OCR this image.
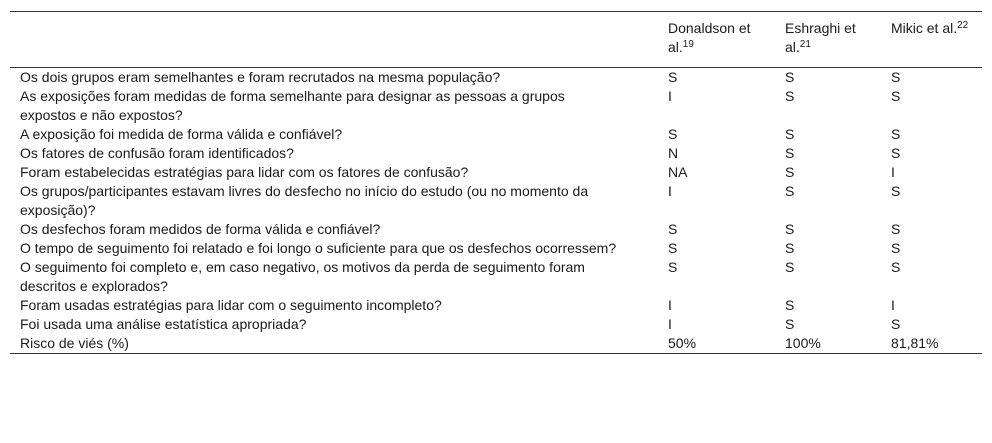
	Donaldson et al.$^{19}$	Eshraghi et al.$^{21}$	Mikic et al.$^{22}$
Os dois grupos eram semelhantes e foram recrutados na mesma população?	S	S	S
As exposições foram medidas de forma semelhante para designar as pessoas a grupos expostos e não expostos?	I	S	S
A exposição foi medida de forma válida e confiável?	S	S	S
Os fatores de confusão foram identificados?	N	S	S
Foram estabelecidas estratégias para lidar com os fatores de confusão?	NA	S	I
Os grupos/participantes estavam livres do desfecho no início do estudo (ou no momento da exposição)?	I	S	S
Os desfechos foram medidos de forma válida e confiável?	S	S	S
O tempo de seguimento foi relatado e foi longo o suficiente para que os desfechos ocorressem?	S	S	S
O seguimento foi completo e, em caso negativo, os motivos da perda de seguimento foram descritos e explorados?	S	S	S
Foram usadas estratégias para lidar com o seguimento incompleto?	I	S	I
Foi usada uma análise estatística apropriada?	I	S	S
Risco de viés (%)	50%	100%	81,81%
